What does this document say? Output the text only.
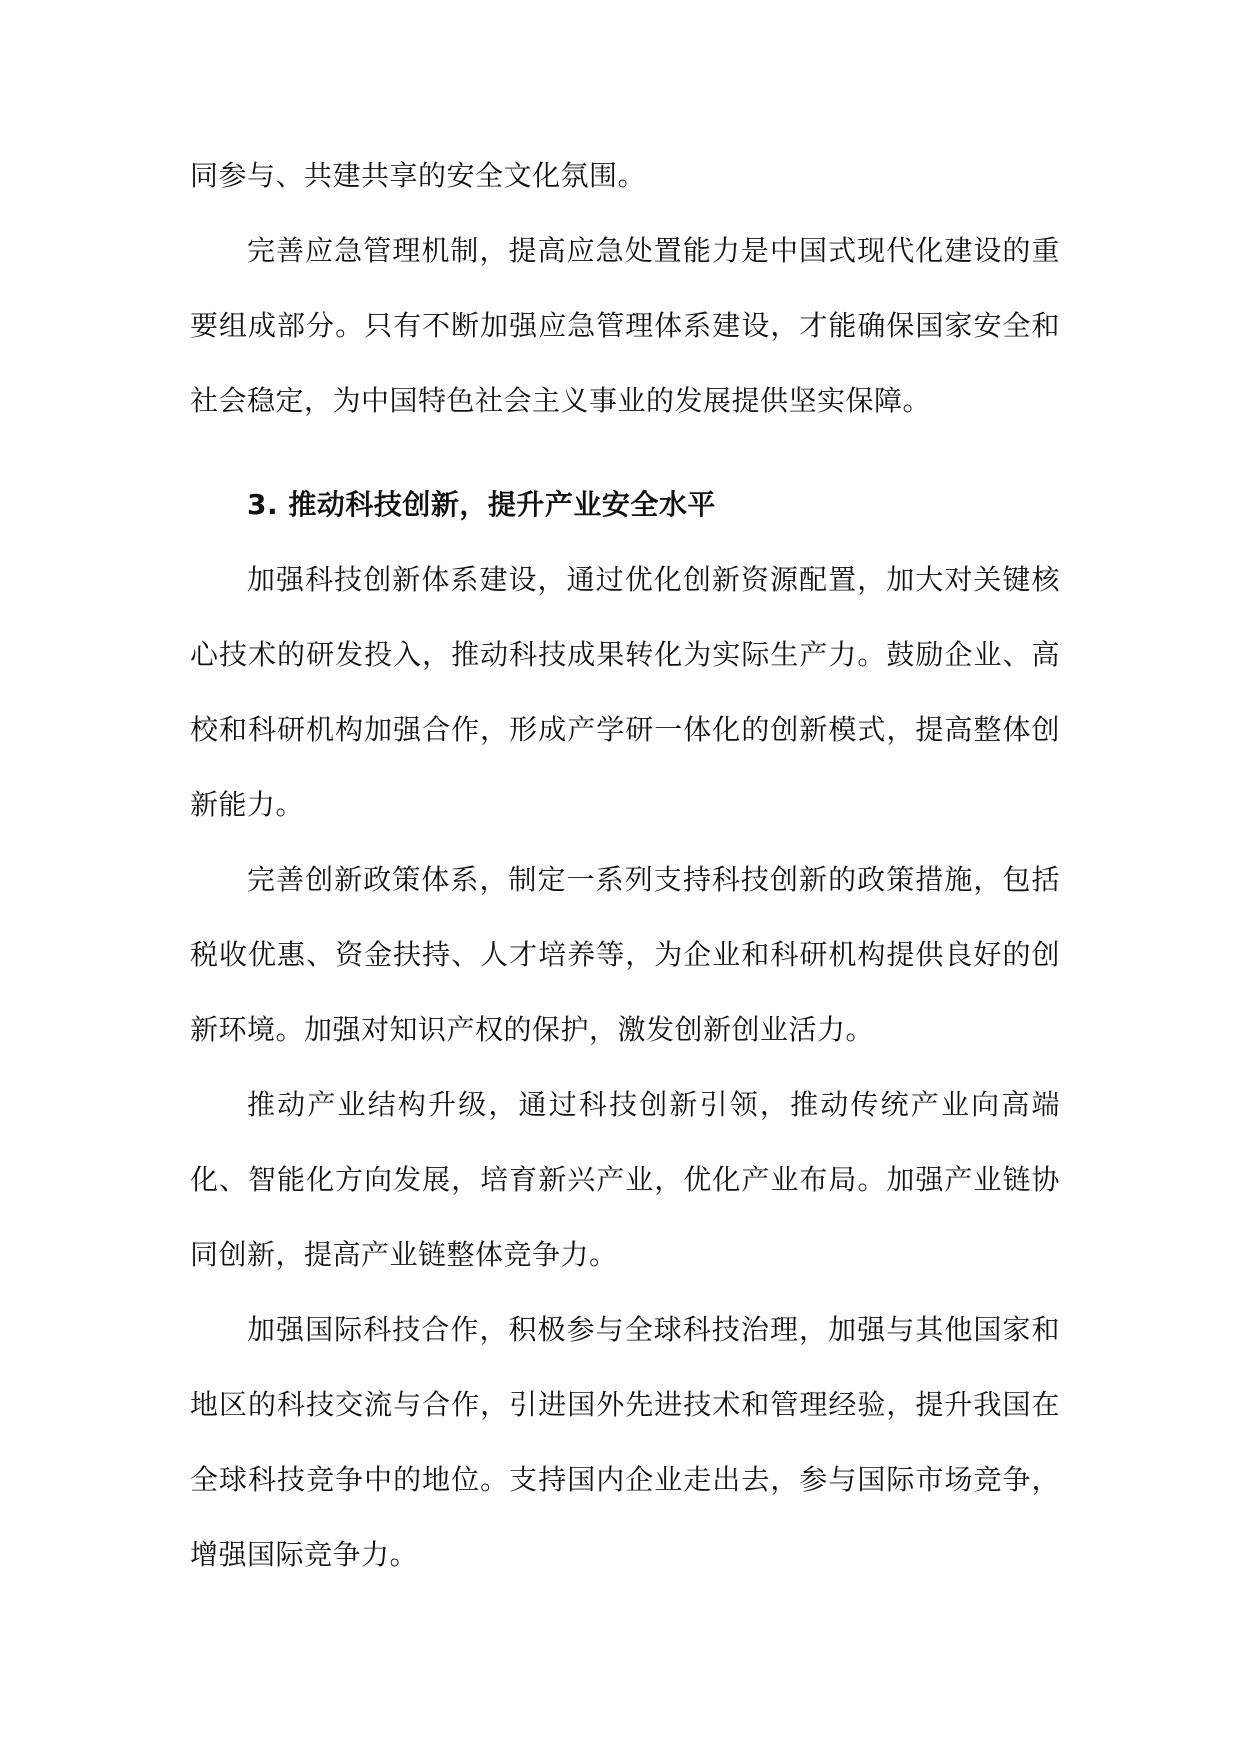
同参与、共建共享的安全文化氛围。

完善应急管理机制，提高应急处置能力是中国式现代化建设的重要组成部分。只有不断加强应急管理体系建设，才能确保国家安全和社会稳定，为中国特色社会主义事业的发展提供坚实保障。

3. 推动科技创新，提升产业安全水平

加强科技创新体系建设，通过优化创新资源配置，加大对关键核心技术的研发投入，推动科技成果转化为实际生产力。鼓励企业、高校和科研机构加强合作，形成产学研一体化的创新模式，提高整体创新能力。

完善创新政策体系，制定一系列支持科技创新的政策措施，包括税收优惠、资金扶持、人才培养等，为企业和科研机构提供良好的创新环境。加强对知识产权的保护，激发创新创业活力。

推动产业结构升级，通过科技创新引领，推动传统产业向高端化、智能化方向发展，培育新兴产业，优化产业布局。加强产业链协同创新，提高产业链整体竞争力。

加强国际科技合作，积极参与全球科技治理，加强与其他国家和地区的科技交流与合作，引进国外先进技术和管理经验，提升我国在全球科技竞争中的地位。支持国内企业走出去，参与国际市场竞争，增强国际竞争力。
